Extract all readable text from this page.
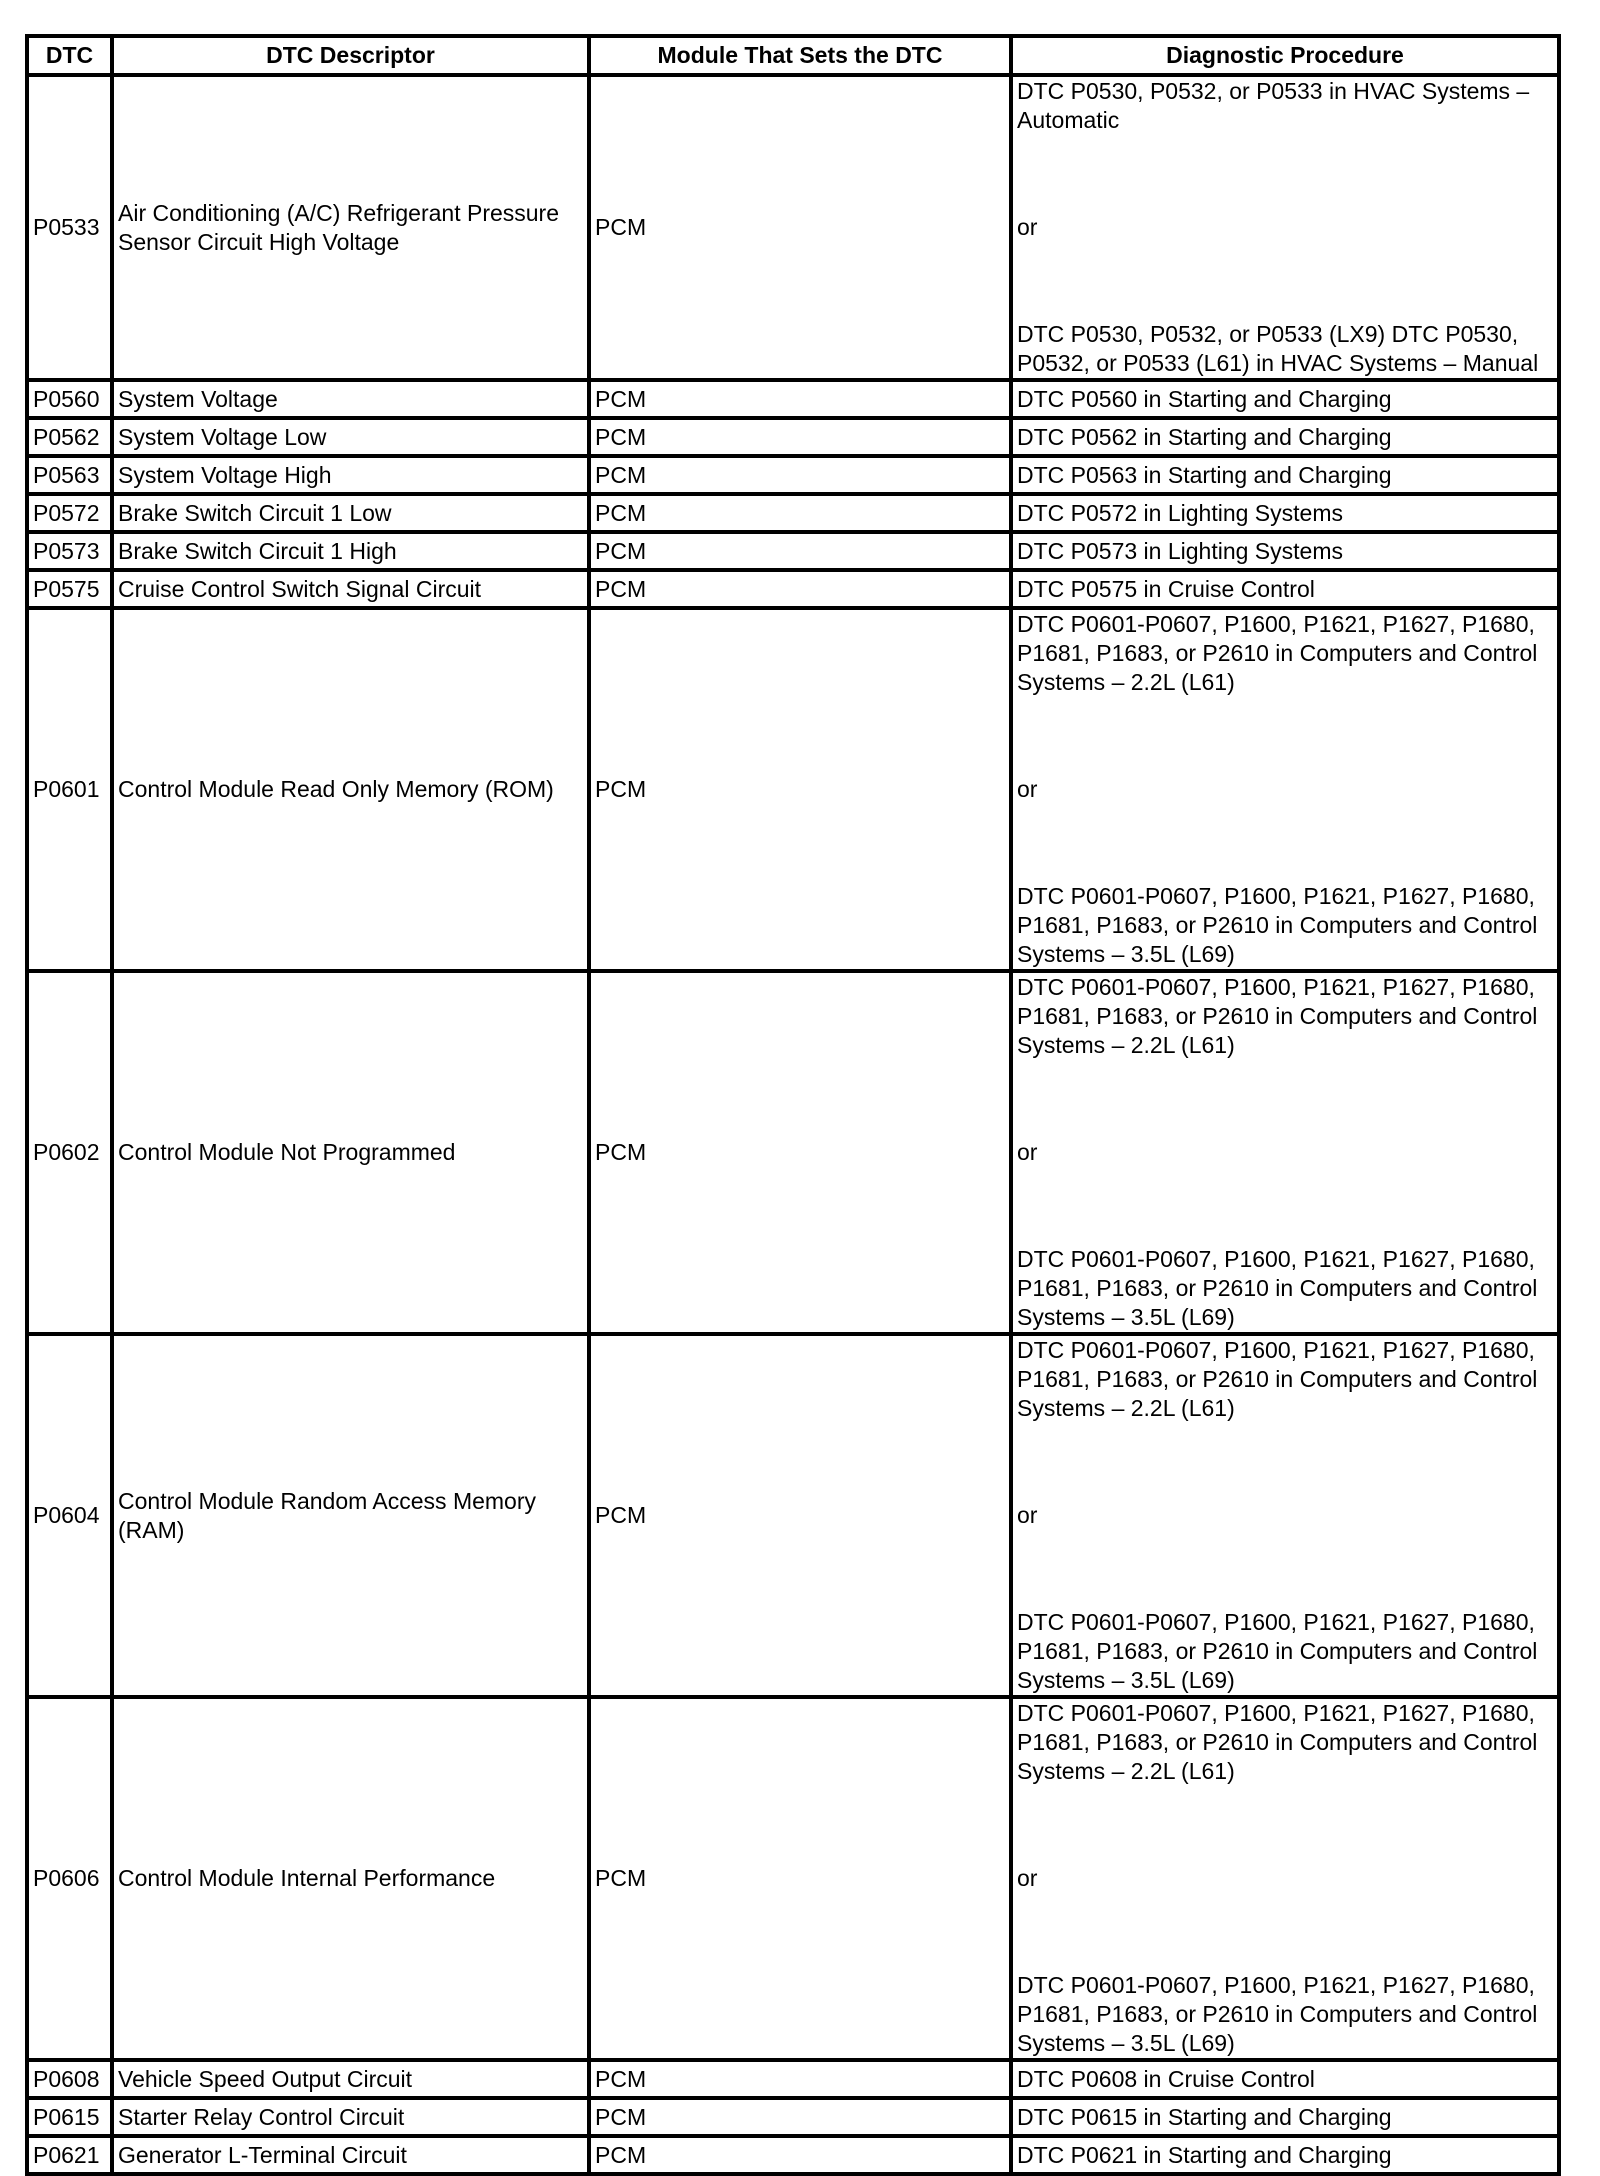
DTC	DTC Descriptor	Module That Sets the DTC	Diagnostic Procedure
P0533	Air Conditioning (A/C) Refrigerant Pressure Sensor Circuit High Voltage	PCM	DTC P0530, P0532, or P0533 in HVAC Systems – Automatic
or
DTC P0530, P0532, or P0533 (LX9) DTC P0530, P0532, or P0533 (L61) in HVAC Systems – Manual

P0560	System Voltage	PCM	DTC P0560 in Starting and Charging

P0562	System Voltage Low	PCM	DTC P0562 in Starting and Charging

P0563	System Voltage High	PCM	DTC P0563 in Starting and Charging

P0572	Brake Switch Circuit 1 Low	PCM	DTC P0572 in Lighting Systems

P0573	Brake Switch Circuit 1 High	PCM	DTC P0573 in Lighting Systems

P0575	Cruise Control Switch Signal Circuit	PCM	DTC P0575 in Cruise Control

P0601	Control Module Read Only Memory (ROM)	PCM	DTC P0601-P0607, P1600, P1621, P1627, P1680, P1681, P1683, or P2610 in Computers and Control Systems – 2.2L (L61)
or
DTC P0601-P0607, P1600, P1621, P1627, P1680, P1681, P1683, or P2610 in Computers and Control Systems – 3.5L (L69)

P0602	Control Module Not Programmed	PCM	DTC P0601-P0607, P1600, P1621, P1627, P1680, P1681, P1683, or P2610 in Computers and Control Systems – 2.2L (L61)
or
DTC P0601-P0607, P1600, P1621, P1627, P1680, P1681, P1683, or P2610 in Computers and Control Systems – 3.5L (L69)

P0604	Control Module Random Access Memory (RAM)	PCM	DTC P0601-P0607, P1600, P1621, P1627, P1680, P1681, P1683, or P2610 in Computers and Control Systems – 2.2L (L61)
or
DTC P0601-P0607, P1600, P1621, P1627, P1680, P1681, P1683, or P2610 in Computers and Control Systems – 3.5L (L69)

P0606	Control Module Internal Performance	PCM	DTC P0601-P0607, P1600, P1621, P1627, P1680, P1681, P1683, or P2610 in Computers and Control Systems – 2.2L (L61)
or
DTC P0601-P0607, P1600, P1621, P1627, P1680, P1681, P1683, or P2610 in Computers and Control Systems – 3.5L (L69)

P0608	Vehicle Speed Output Circuit	PCM	DTC P0608 in Cruise Control

P0615	Starter Relay Control Circuit	PCM	DTC P0615 in Starting and Charging

P0621	Generator L-Terminal Circuit	PCM	DTC P0621 in Starting and Charging
